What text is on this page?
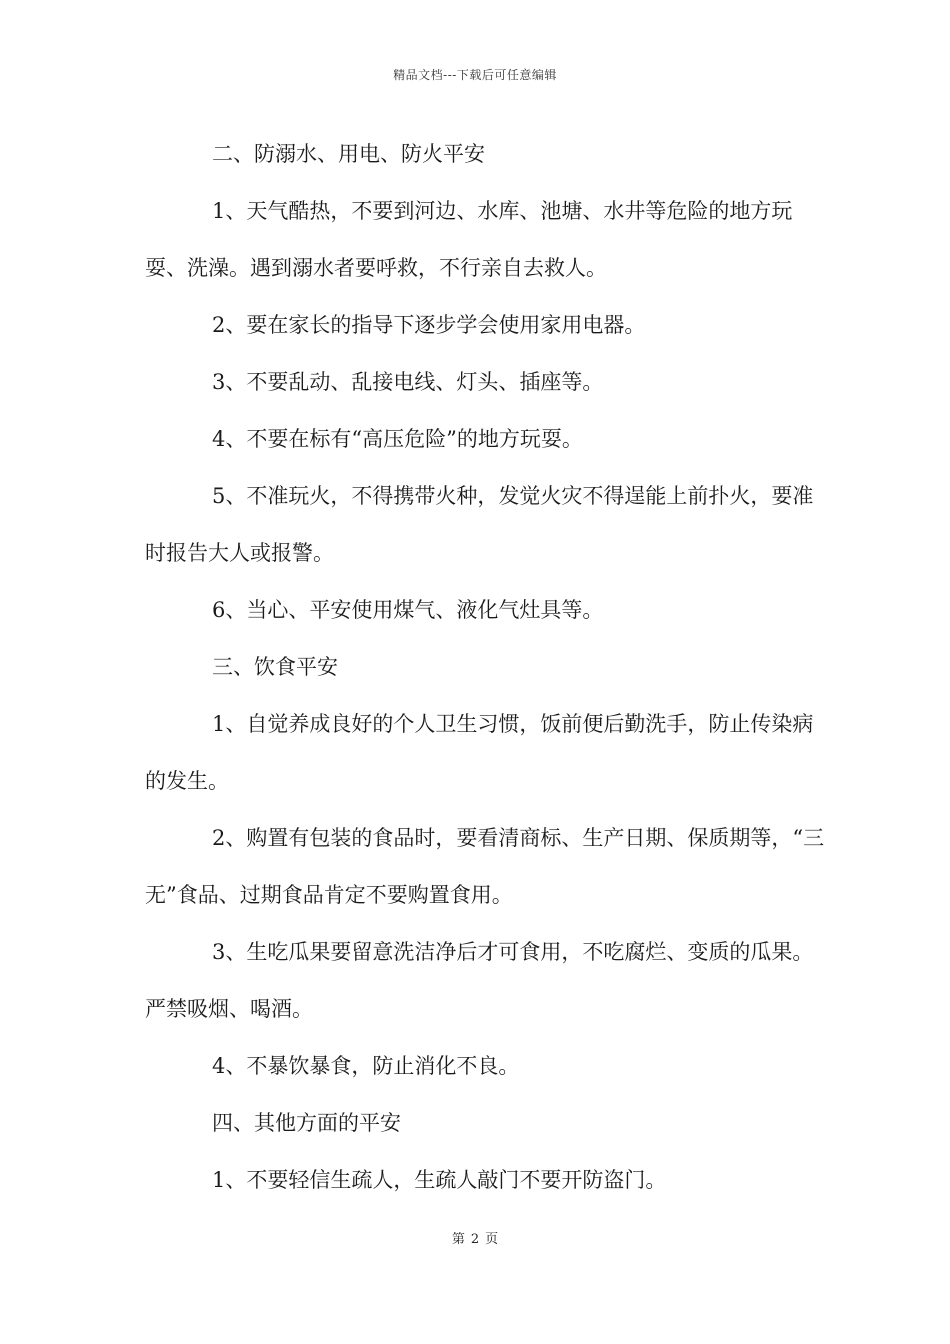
精品文档---下载后可任意编辑

二、防溺水、用电、防火平安

1、天气酷热，不要到河边、水库、池塘、水井等危险的地方玩耍、洗澡。遇到溺水者要呼救，不行亲自去救人。

2、要在家长的指导下逐步学会使用家用电器。

3、不要乱动、乱接电线、灯头、插座等。

4、不要在标有“高压危险”的地方玩耍。

5、不准玩火，不得携带火种，发觉火灾不得逞能上前扑火，要准时报告大人或报警。

6、当心、平安使用煤气、液化气灶具等。

三、饮食平安

1、自觉养成良好的个人卫生习惯，饭前便后勤洗手，防止传染病的发生。

2、购置有包装的食品时，要看清商标、生产日期、保质期等，“三无”食品、过期食品肯定不要购置食用。

3、生吃瓜果要留意洗洁净后才可食用，不吃腐烂、变质的瓜果。严禁吸烟、喝酒。

4、不暴饮暴食，防止消化不良。

四、其他方面的平安

1、不要轻信生疏人，生疏人敲门不要开防盗门。

第 2 页
